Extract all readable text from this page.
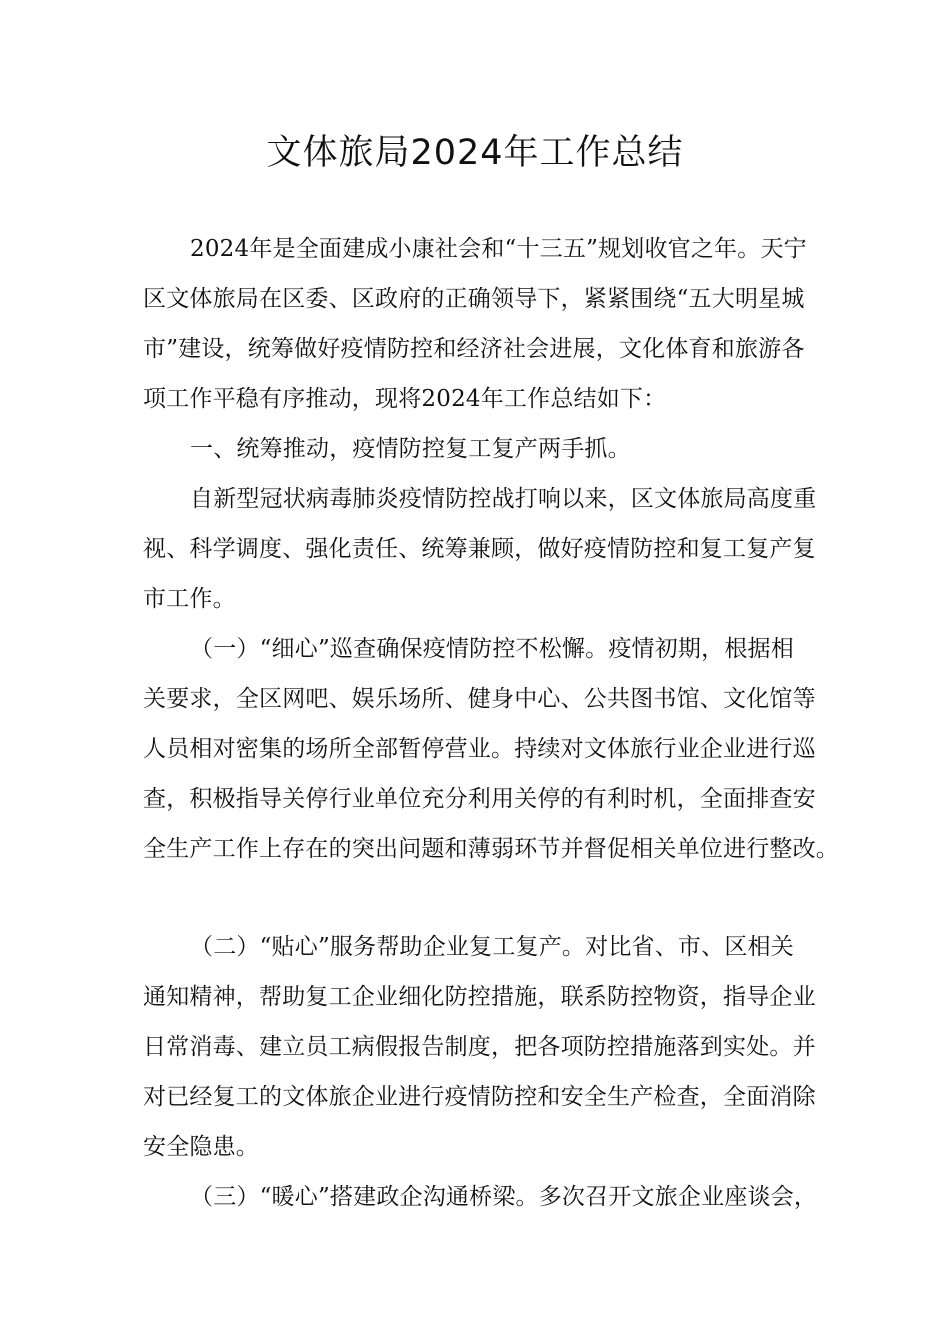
文体旅局2024年工作总结

2024年是全面建成小康社会和“十三五”规划收官之年。天宁

区文体旅局在区委、区政府的正确领导下，紧紧围绕“五大明星城

市”建设，统筹做好疫情防控和经济社会进展，文化体育和旅游各

项工作平稳有序推动，现将2024年工作总结如下：

一、统筹推动，疫情防控复工复产两手抓。

自新型冠状病毒肺炎疫情防控战打响以来，区文体旅局高度重

视、科学调度、强化责任、统筹兼顾，做好疫情防控和复工复产复

市工作。

（一）“细心”巡查确保疫情防控不松懈。疫情初期，根据相

关要求，全区网吧、娱乐场所、健身中心、公共图书馆、文化馆等

人员相对密集的场所全部暂停营业。持续对文体旅行业企业进行巡

查，积极指导关停行业单位充分利用关停的有利时机，全面排查安

全生产工作上存在的突出问题和薄弱环节并督促相关单位进行整改。

（二）“贴心”服务帮助企业复工复产。对比省、市、区相关

通知精神，帮助复工企业细化防控措施，联系防控物资，指导企业

日常消毒、建立员工病假报告制度，把各项防控措施落到实处。并

对已经复工的文体旅企业进行疫情防控和安全生产检查，全面消除

安全隐患。

（三）“暖心”搭建政企沟通桥梁。多次召开文旅企业座谈会，
